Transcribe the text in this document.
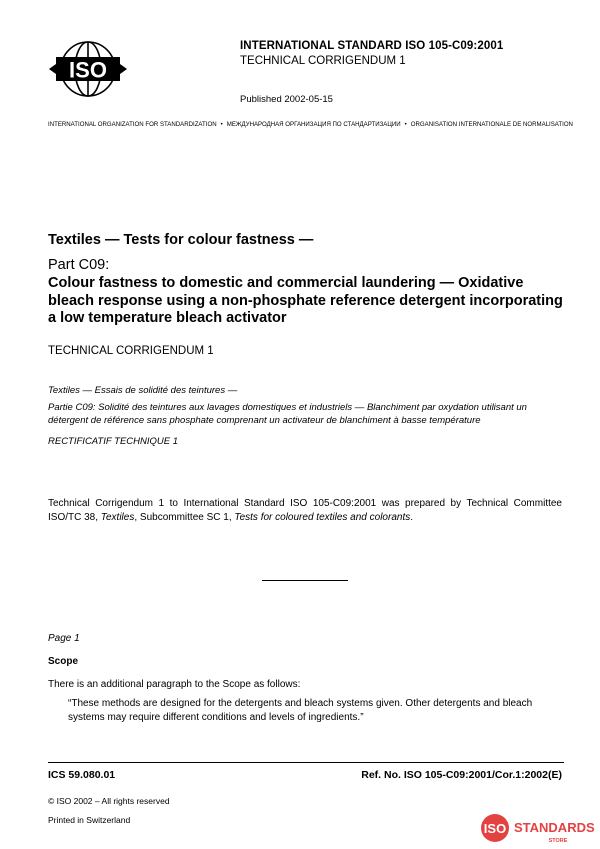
ISO
INTERNATIONAL STANDARD ISO 105-C09:2001
TECHNICAL CORRIGENDUM 1
Published 2002-05-15
INTERNATIONAL ORGANIZATION FOR STANDARDIZATION • МЕЖДУНАРОДНАЯ ОРГАНИЗАЦИЯ ПО СТАНДАРТИЗАЦИИ • ORGANISATION INTERNATIONALE DE NORMALISATION
Textiles — Tests for colour fastness —
Part C09:
Colour fastness to domestic and commercial laundering — Oxidative bleach response using a non-phosphate reference detergent incorporating a low temperature bleach activator
TECHNICAL CORRIGENDUM 1
Textiles — Essais de solidité des teintures —
Partie C09: Solidité des teintures aux lavages domestiques et industriels — Blanchiment par oxydation utilisant un détergent de référence sans phosphate comprenant un activateur de blanchiment à basse température
RECTIFICATIF TECHNIQUE 1
Technical Corrigendum 1 to International Standard ISO 105-C09:2001 was prepared by Technical Committee ISO/TC 38, Textiles, Subcommittee SC 1, Tests for coloured textiles and colorants.
Page 1
Scope
There is an additional paragraph to the Scope as follows:
“These methods are designed for the detergents and bleach systems given. Other detergents and bleach systems may require different conditions and levels of ingredients.”
ICS 59.080.01	Ref. No. ISO 105-C09:2001/Cor.1:2002(E)
© ISO 2002 – All rights reserved
Printed in Switzerland
ISO STANDARDS
STORE
